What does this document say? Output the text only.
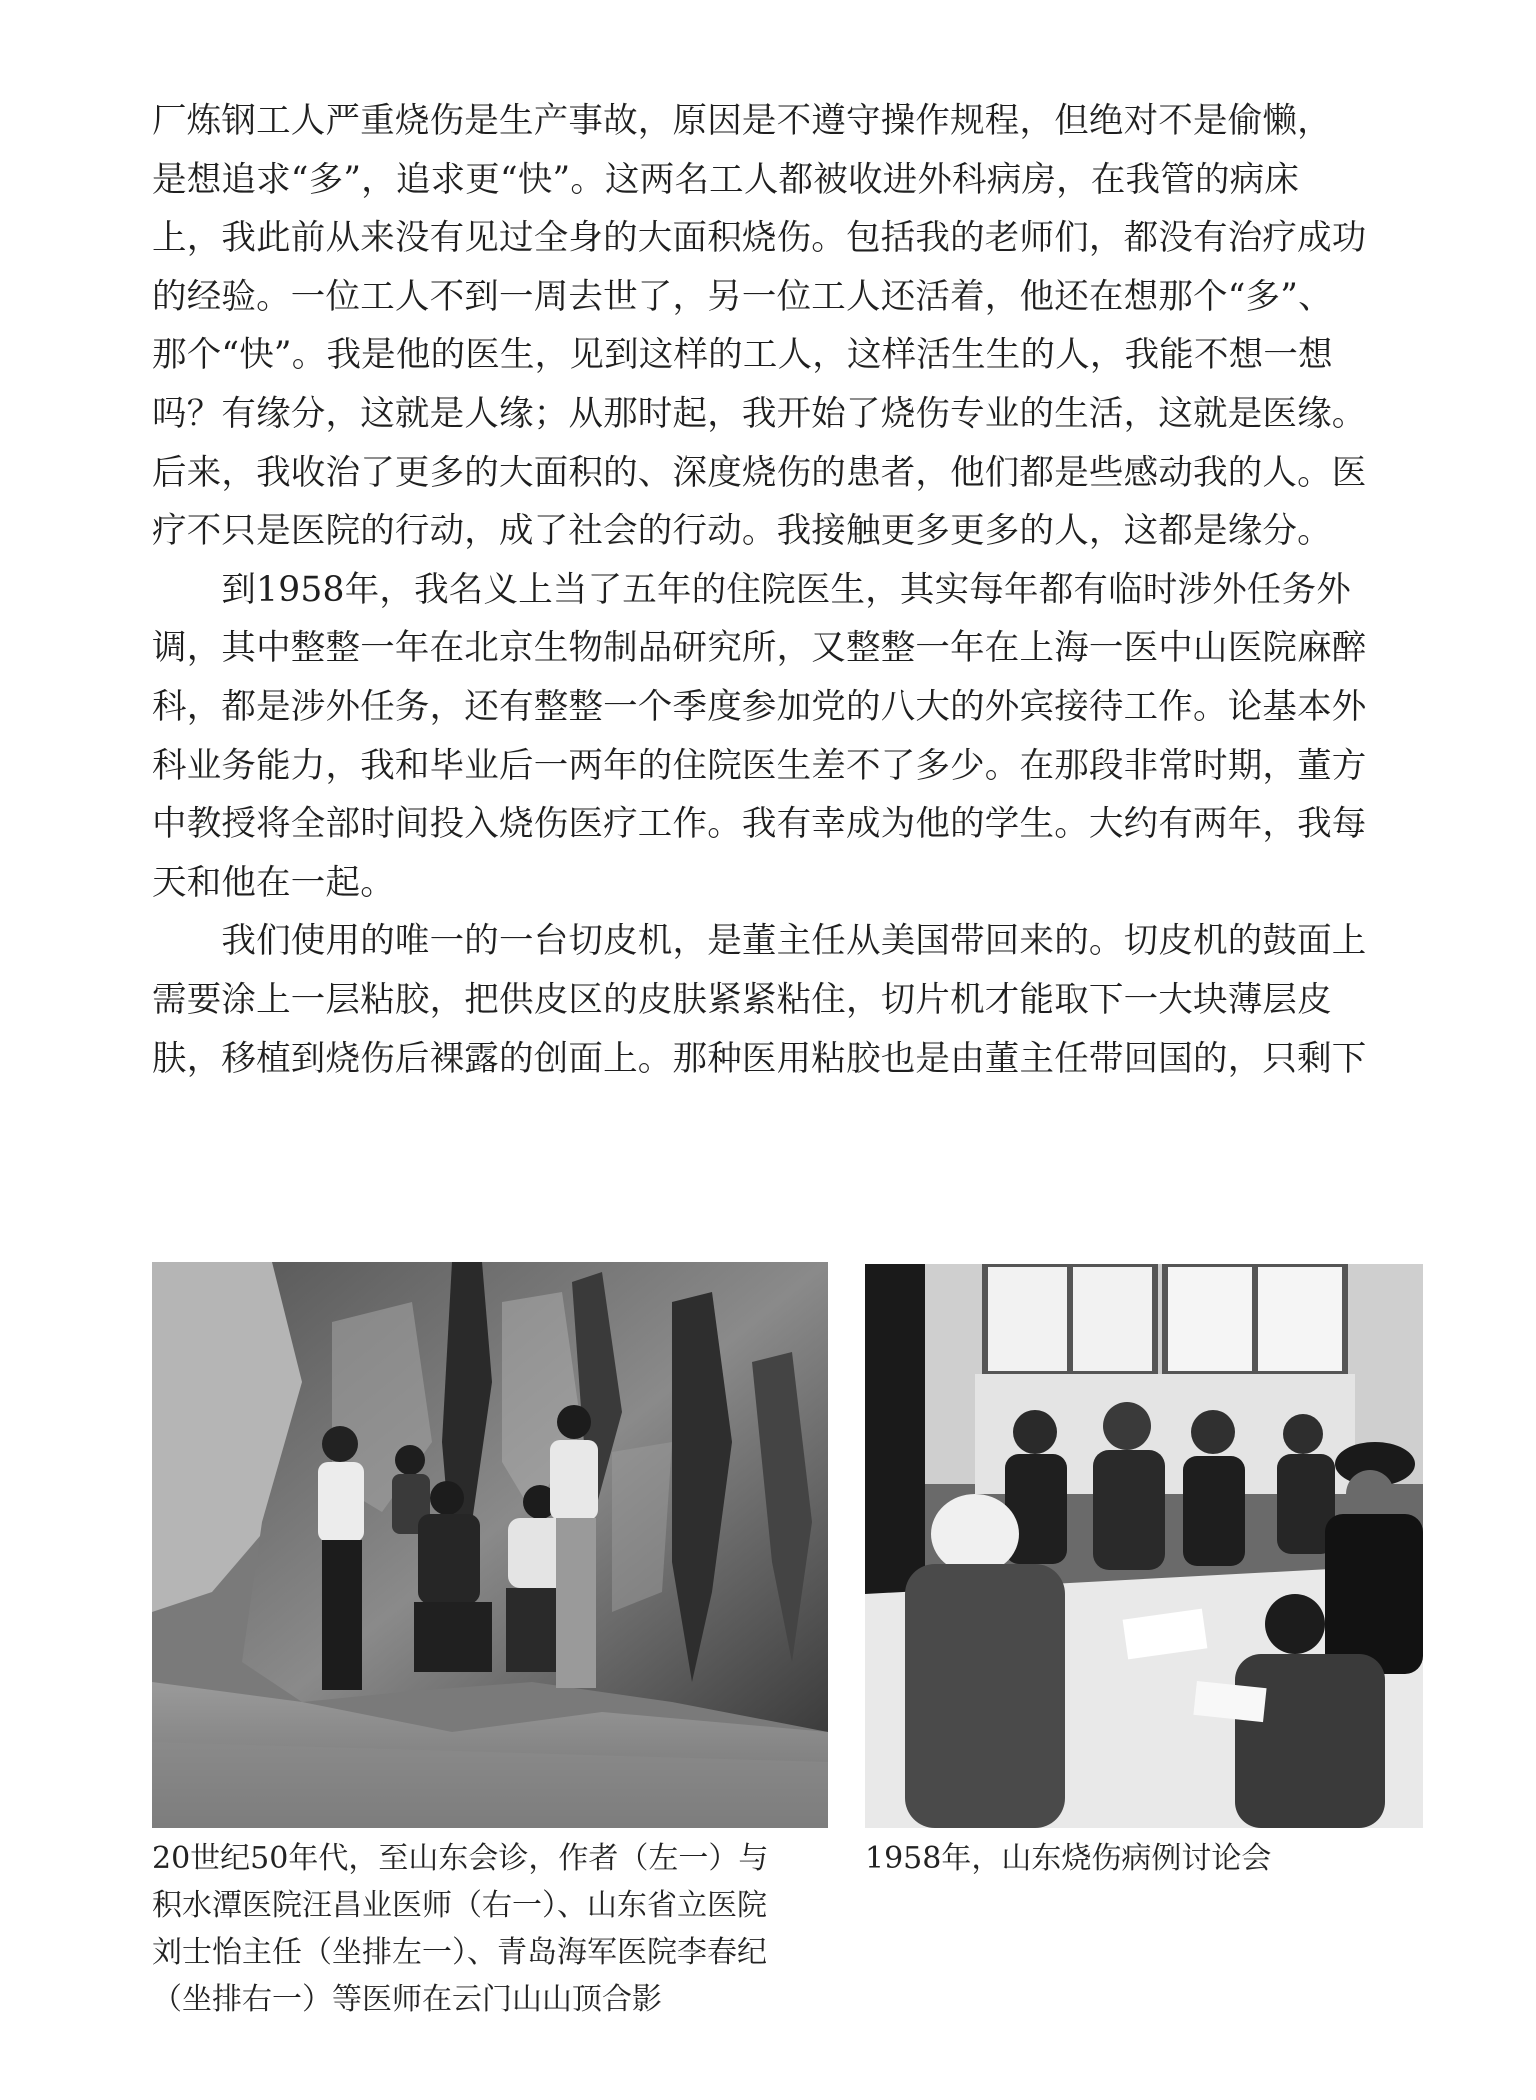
厂炼钢工人严重烧伤是生产事故，原因是不遵守操作规程，但绝对不是偷懒，
是想追求“多”，追求更“快”。这两名工人都被收进外科病房，在我管的病床
上，我此前从来没有见过全身的大面积烧伤。包括我的老师们，都没有治疗成功
的经验。一位工人不到一周去世了，另一位工人还活着，他还在想那个“多”、
那个“快”。我是他的医生，见到这样的工人，这样活生生的人，我能不想一想
吗？有缘分，这就是人缘；从那时起，我开始了烧伤专业的生活，这就是医缘。
后来，我收治了更多的大面积的、深度烧伤的患者，他们都是些感动我的人。医
疗不只是医院的行动，成了社会的行动。我接触更多更多的人，这都是缘分。
　　到1958年，我名义上当了五年的住院医生，其实每年都有临时涉外任务外
调，其中整整一年在北京生物制品研究所，又整整一年在上海一医中山医院麻醉
科，都是涉外任务，还有整整一个季度参加党的八大的外宾接待工作。论基本外
科业务能力，我和毕业后一两年的住院医生差不了多少。在那段非常时期，董方
中教授将全部时间投入烧伤医疗工作。我有幸成为他的学生。大约有两年，我每
天和他在一起。
　　我们使用的唯一的一台切皮机，是董主任从美国带回来的。切皮机的鼓面上
需要涂上一层粘胶，把供皮区的皮肤紧紧粘住，切片机才能取下一大块薄层皮
肤，移植到烧伤后裸露的创面上。那种医用粘胶也是由董主任带回国的，只剩下
20世纪50年代，至山东会诊，作者（左一）与
积水潭医院汪昌业医师（右一）、山东省立医院
刘士怡主任（坐排左一）、青岛海军医院李春纪
（坐排右一）等医师在云门山山顶合影
1958年，山东烧伤病例讨论会
